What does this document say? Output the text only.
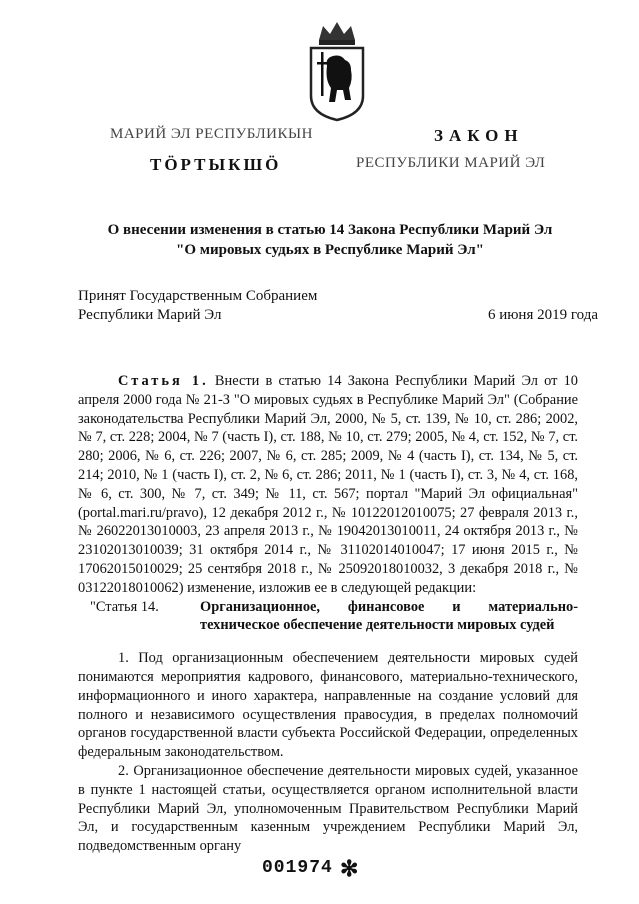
МАРИЙ ЭЛ РЕСПУБЛИКЫН
ТӦРТЫКШӦ
ЗАКОН
РЕСПУБЛИКИ МАРИЙ ЭЛ
О внесении изменения в статью 14 Закона Республики Марий Эл
"О мировых судьях в Республике Марий Эл"
Принят Государственным Собранием
Республики Марий Эл	6 июня 2019 года

Статья 1. Внести в статью 14 Закона Республики Марий Эл от 10 апреля 2000 года № 21-З "О мировых судьях в Республике Марий Эл" (Собрание законодательства Республики Марий Эл, 2000, № 5, ст. 139, № 10, ст. 286; 2002, № 7, ст. 228; 2004, № 7 (часть I), ст. 188, № 10, ст. 279; 2005, № 4, ст. 152, № 7, ст. 280; 2006, № 6, ст. 226; 2007, № 6, ст. 285; 2009, № 4 (часть I), ст. 134, № 5, ст. 214; 2010, № 1 (часть I), ст. 2, № 6, ст. 286; 2011, № 1 (часть I), ст. 3, № 4, ст. 168, № 6, ст. 300, № 7, ст. 349; № 11, ст. 567; портал "Марий Эл официальная" (portal.mari.ru/pravo), 12 декабря 2012 г., № 10122012010075; 27 февраля 2013 г., № 26022013010003, 23 апреля 2013 г., № 19042013010011, 24 октября 2013 г., № 23102013010039; 31 октября 2014 г., № 31102014010047; 17 июня 2015 г., № 17062015010029; 25 сентября 2018 г., № 25092018010032, 3 декабря 2018 г., № 03122018010062) изменение, изложив ее в следующей редакции:

"Статья 14.	Организационное, финансовое и материально-техническое обеспечение деятельности мировых судей

1. Под организационным обеспечением деятельности мировых судей понимаются мероприятия кадрового, финансового, материально-технического, информационного и иного характера, направленные на создание условий для полного и независимого осуществления правосудия, в пределах полномочий органов государственной власти субъекта Российской Федерации, определенных федеральным законодательством.

2. Организационное обеспечение деятельности мировых судей, указанное в пункте 1 настоящей статьи, осуществляется органом исполнительной власти Республики Марий Эл, уполномоченным Правительством Республики Марий Эл, и государственным казенным учреждением Республики Марий Эл, подведомственным органу

001974 ✻
